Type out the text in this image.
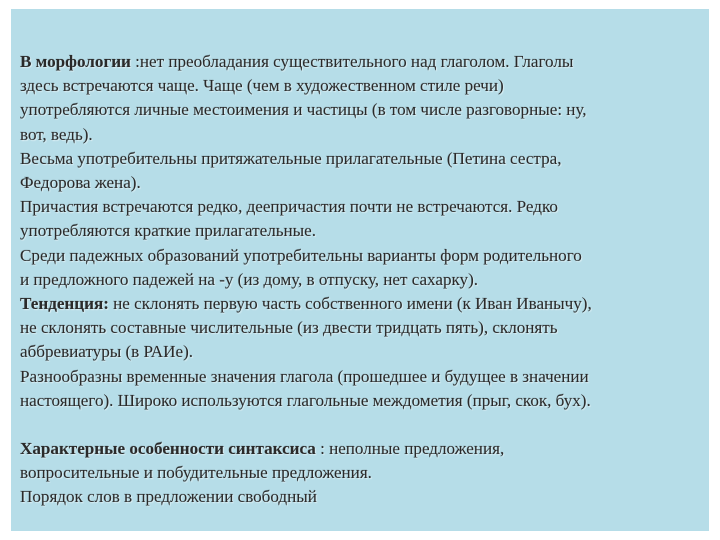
В морфологии :нет преобладания существительного над глаголом. Глаголы

здесь встречаются чаще. Чаще (чем в художественном стиле речи)

употребляются личные местоимения и частицы (в том числе разговорные: ну,

вот, ведь).

Весьма употребительны притяжательные прилагательные (Петина сестра,

Федорова жена).

Причастия встречаются редко, деепричастия почти не встречаются. Редко

употребляются краткие прилагательные.

Среди падежных образований употребительны варианты форм родительного

и предложного падежей на -у (из дому, в отпуску, нет сахарку).

Тенденция: не склонять первую часть собственного имени (к Иван Иванычу),

не склонять составные числительные (из двести тридцать пять), склонять

аббревиатуры (в РАИе).

Разнообразны временные значения глагола (прошедшее и будущее в значении

настоящего). Широко используются глагольные междометия (прыг, скок, бух).

Характерные особенности синтаксиса : неполные предложения,

вопросительные и побудительные предложения.

Порядок слов в предложении свободный
